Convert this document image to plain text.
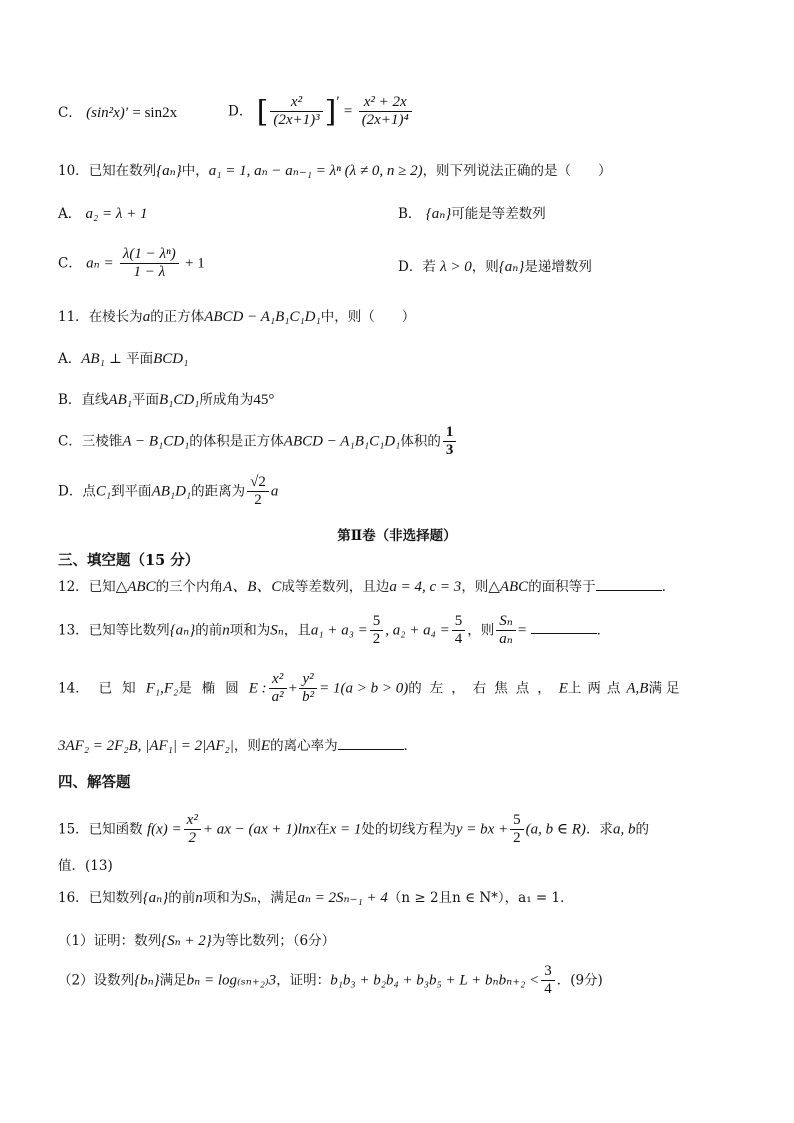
C． (sin²x)′ = sin2x	D． [ $\frac{\text{x²}}{\text{(2x+1)³}}$ ]′ = $\frac{\text{x² + 2x}}{\text{(2x+1)⁴}}$
10．已知在数列{aₙ}中，a₁ = 1, aₙ − aₙ₋₁ = λⁿ (λ ≠ 0, n ≥ 2)，则下列说法正确的是（　　）
A． a₂ = λ + 1	B． {aₙ}可能是等差数列
C． $a_n = \frac{\text{λ(1 − λⁿ)}}{1 - \lambda} + 1$	D．若 λ > 0，则{aₙ}是递增数列
11．在棱长为a的正方体ABCD − A₁B₁C₁D₁中，则（　　）
A．AB₁ ⊥ 平面BCD₁
B．直线AB₁平面B₁CD₁所成角为45°
C．三棱锥A − B₁CD₁的体积是正方体ABCD − A₁B₁C₁D₁体积的 $\frac{1}{3}$
D．点C₁到平面AB₁D₁的距离为 $\frac{√2}{2}$ a
第Ⅱ卷（非选择题）
三、填空题（15 分）
12．已知△ABC的三个内角A、B、C成等差数列，且边a = 4, c = 3，则△ABC的面积等于	．
13．已知等比数列{aₙ}的前n项和为Sₙ，且$a_1 + a_3 = \frac{5}{2}$ , $a_2 + a_4 = \frac{5}{4}$ ，则 $\frac{\text{Sₙ}}{\text{aₙ}}$ =	．
14．已知F₁,F₂是椭圆E : $\frac{\text{x²}}{\text{a²}} + \frac{\text{y²}}{\text{b²}} = 1(a > b > 0)$的左，右焦点，E上两点A,B满足
3AF₂ = 2F₂B, |AF₁| = 2|AF₂|，则E的离心率为	．
四、解答题
15．已知函数 $f(x) = \frac{\text{x²}}{2}$ + ax − (ax + 1)lnx在x = 1处的切线方程为y = bx + $\frac{5}{2} (a$, b ∈ R)．求a, b的
值．(13)
16．已知数列{aₙ}的前n项和为Sₙ，满足aₙ = 2Sₙ₋₁ + 4（n ≥ 2且n ∈ N*），a₁ = 1．
（1）证明：数列{Sₙ + 2}为等比数列；（6分）
（2）设数列{bₙ}满足bₙ = log₍ₛₙ₊₂₎3，证明：$b_1b_3 + b_2b_4 + b_3b_5 + L + b_nb_{n+2} < \frac{3}{4}$ ．(9分)
